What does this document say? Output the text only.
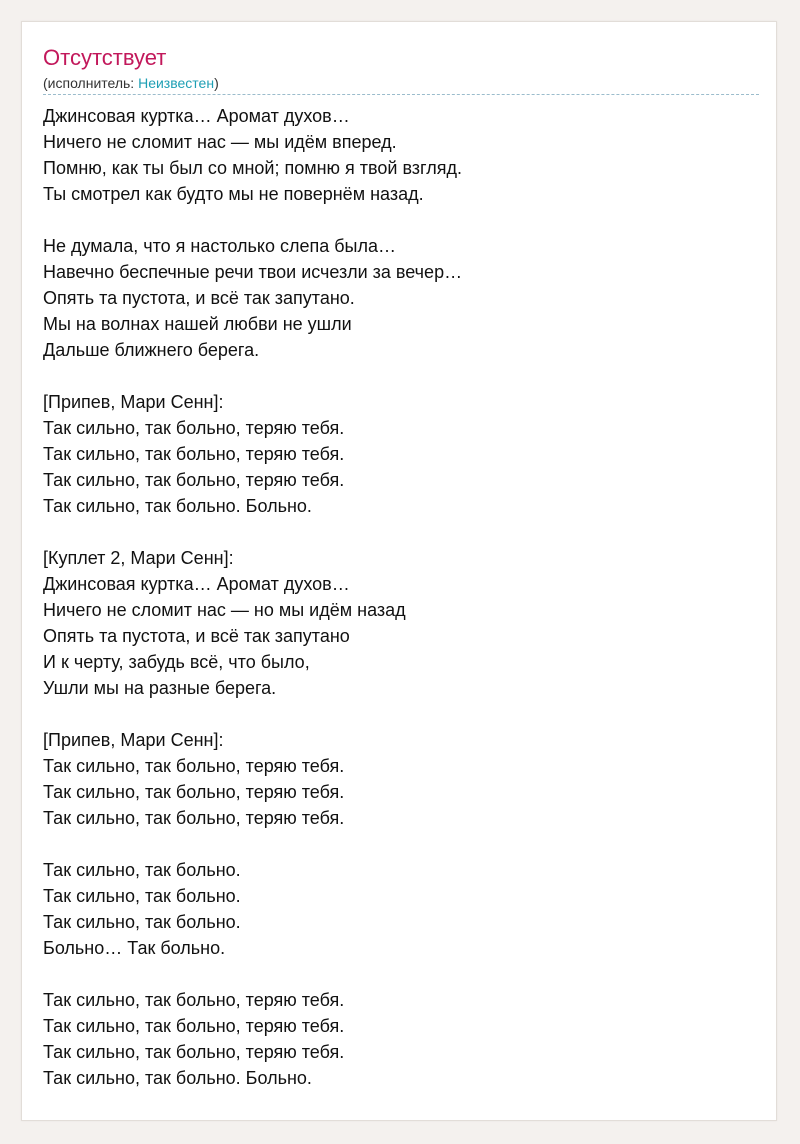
Отсутствует
(исполнитель: Неизвестен)
Джинсовая куртка… Аромат духов…
Ничего не сломит нас — мы идём вперед.
Помню, как ты был со мной; помню я твой взгляд.
Ты смотрел как будто мы не повернём назад.
Не думала, что я настолько слепа была…
Навечно беспечные речи твои исчезли за вечер…
Опять та пустота, и всё так запутано.
Мы на волнах нашей любви не ушли
Дальше ближнего берега.
[Припев, Мари Сенн]:
Так сильно, так больно, теряю тебя.
Так сильно, так больно, теряю тебя.
Так сильно, так больно, теряю тебя.
Так сильно, так больно. Больно.
[Куплет 2, Мари Сенн]:
Джинсовая куртка… Аромат духов…
Ничего не сломит нас — но мы идём назад
Опять та пустота, и всё так запутано
И к черту, забудь всё, что было,
Ушли мы на разные берега.
[Припев, Мари Сенн]:
Так сильно, так больно, теряю тебя.
Так сильно, так больно, теряю тебя.
Так сильно, так больно, теряю тебя.
Так сильно, так больно.
Так сильно, так больно.
Так сильно, так больно.
Больно… Так больно.
Так сильно, так больно, теряю тебя.
Так сильно, так больно, теряю тебя.
Так сильно, так больно, теряю тебя.
Так сильно, так больно. Больно.
